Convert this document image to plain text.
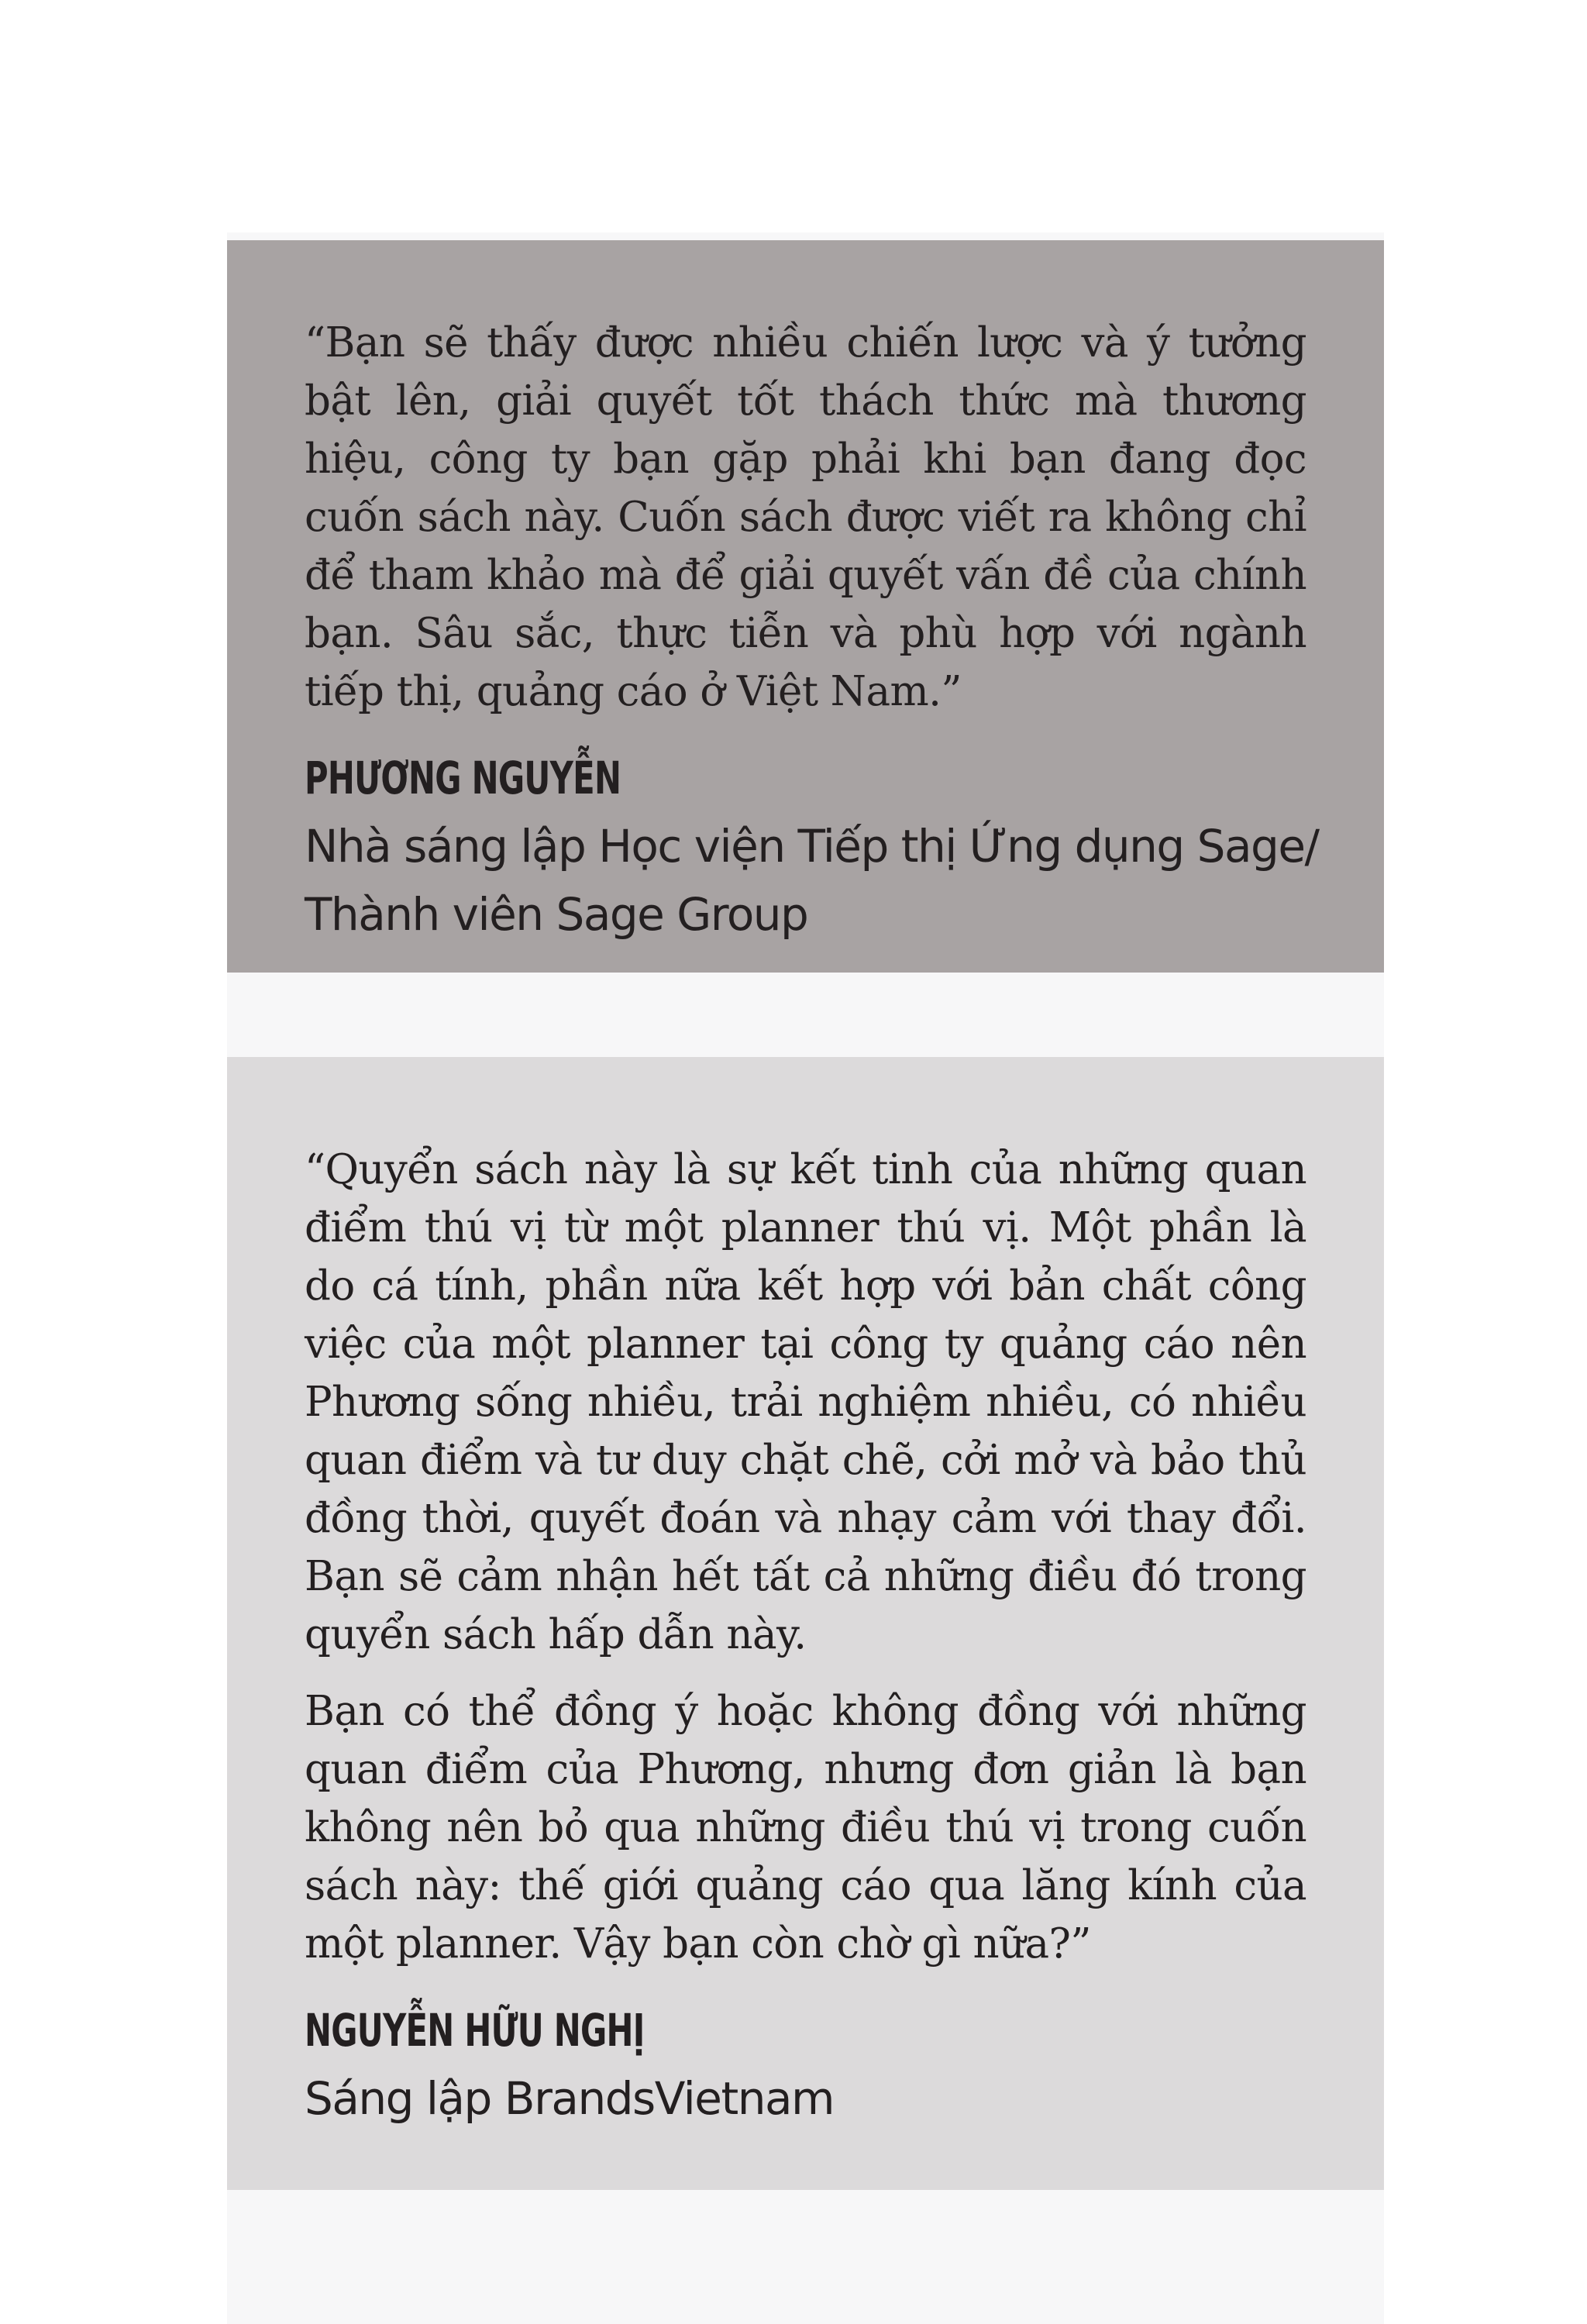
“Bạn sẽ thấy được nhiều chiến lược và ý tưởng bật lên, giải quyết tốt thách thức mà thương hiệu, công ty bạn gặp phải khi bạn đang đọc cuốn sách này. Cuốn sách được viết ra không chỉ để tham khảo mà để giải quyết vấn đề của chính bạn. Sâu sắc, thực tiễn và phù hợp với ngành tiếp thị, quảng cáo ở Việt Nam.”

PHƯƠNG NGUYỄN

Nhà sáng lập Học viện Tiếp thị Ứng dụng Sage/ Thành viên Sage Group

“Quyển sách này là sự kết tinh của những quan điểm thú vị từ một planner thú vị. Một phần là do cá tính, phần nữa kết hợp với bản chất công việc của một planner tại công ty quảng cáo nên Phương sống nhiều, trải nghiệm nhiều, có nhiều quan điểm và tư duy chặt chẽ, cởi mở và bảo thủ đồng thời, quyết đoán và nhạy cảm với thay đổi. Bạn sẽ cảm nhận hết tất cả những điều đó trong quyển sách hấp dẫn này.

Bạn có thể đồng ý hoặc không đồng với những quan điểm của Phương, nhưng đơn giản là bạn không nên bỏ qua những điều thú vị trong cuốn sách này: thế giới quảng cáo qua lăng kính của một planner. Vậy bạn còn chờ gì nữa?”

NGUYỄN HỮU NGHỊ

Sáng lập BrandsVietnam
